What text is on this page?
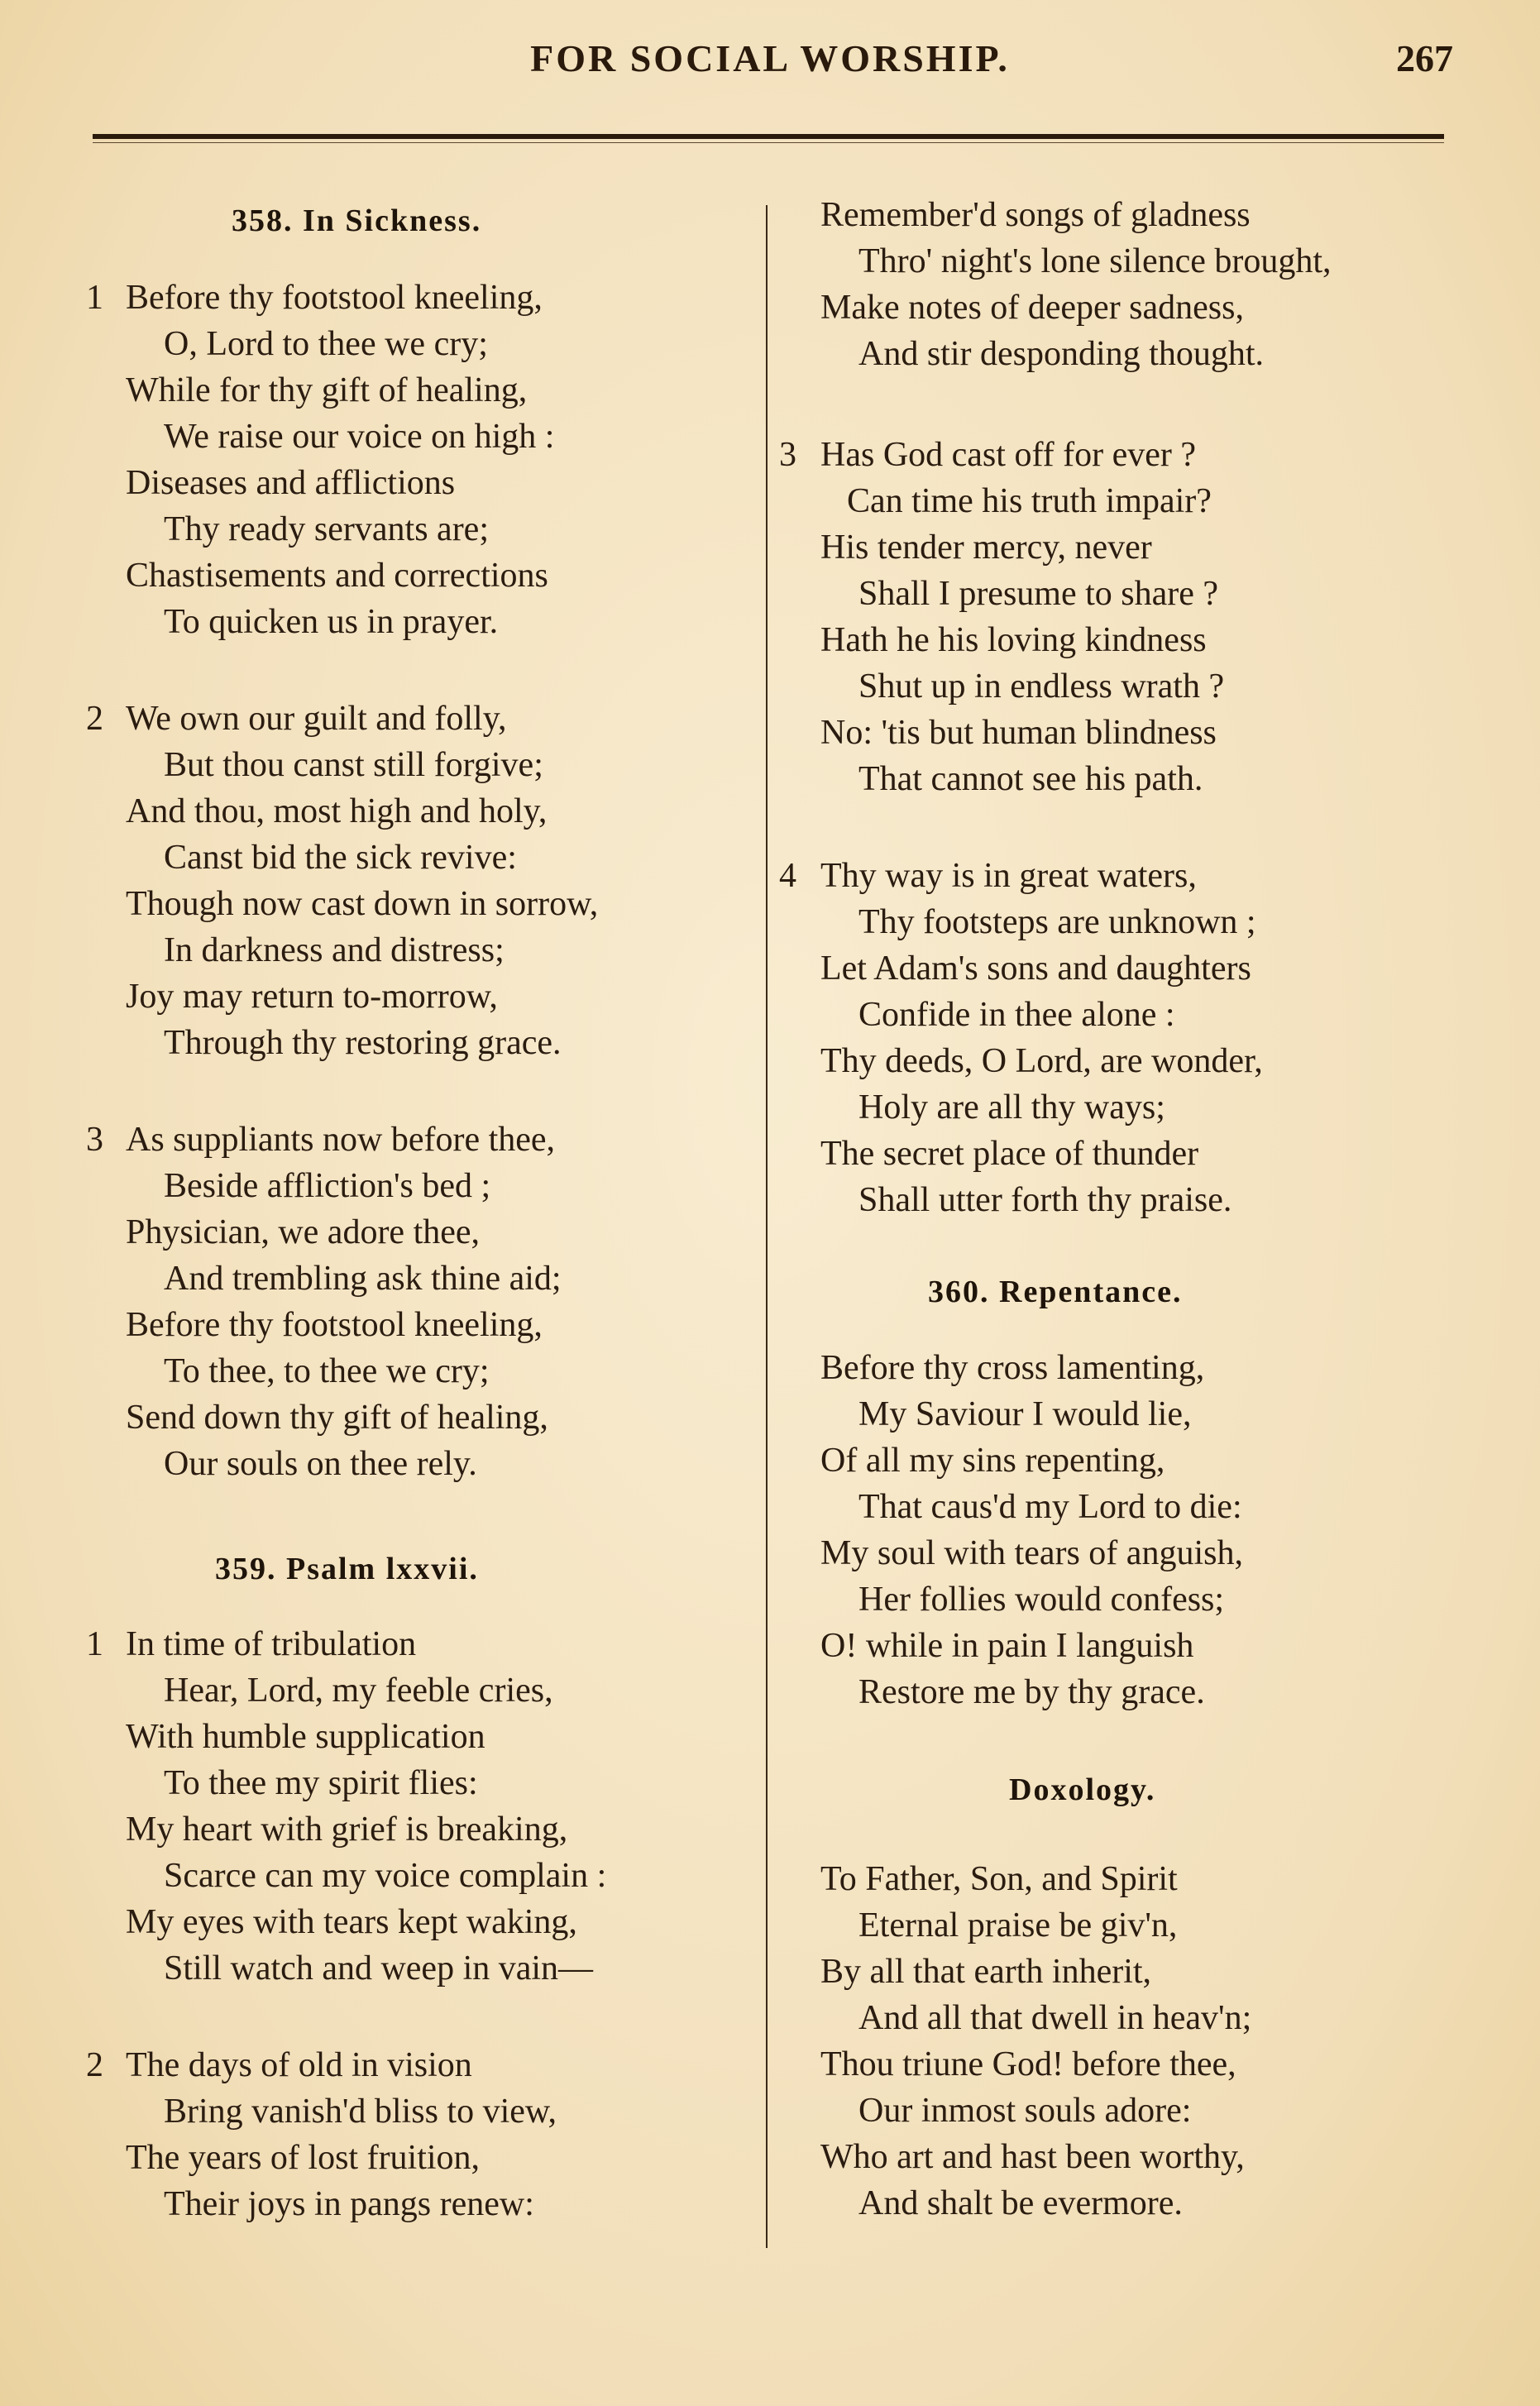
FOR SOCIAL WORSHIP.	267
358. In Sickness.
1 Before thy footstool kneeling,
O, Lord to thee we cry;
While for thy gift of healing,
We raise our voice on high :
Diseases and afflictions
Thy ready servants are;
Chastisements and corrections
To quicken us in prayer.
2 We own our guilt and folly,
But thou canst still forgive;
And thou, most high and holy,
Canst bid the sick revive:
Though now cast down in sorrow,
In darkness and distress;
Joy may return to-morrow,
Through thy restoring grace.
3 As suppliants now before thee,
Beside affliction's bed ;
Physician, we adore thee,
And trembling ask thine aid;
Before thy footstool kneeling,
To thee, to thee we cry;
Send down thy gift of healing,
Our souls on thee rely.
359. Psalm lxxvii.
1 In time of tribulation
Hear, Lord, my feeble cries,
With humble supplication
To thee my spirit flies:
My heart with grief is breaking,
Scarce can my voice complain :
My eyes with tears kept waking,
Still watch and weep in vain—
2 The days of old in vision
Bring vanish'd bliss to view,
The years of lost fruition,
Their joys in pangs renew:
Remember'd songs of gladness
Thro' night's lone silence brought,
Make notes of deeper sadness,
And stir desponding thought.
3 Has God cast off for ever ?
Can time his truth impair?
His tender mercy, never
Shall I presume to share ?
Hath he his loving kindness
Shut up in endless wrath ?
No: 'tis but human blindness
That cannot see his path.
4 Thy way is in great waters,
Thy footsteps are unknown ;
Let Adam's sons and daughters
Confide in thee alone :
Thy deeds, O Lord, are wonder,
Holy are all thy ways;
The secret place of thunder
Shall utter forth thy praise.
360. Repentance.
Before thy cross lamenting,
My Saviour I would lie,
Of all my sins repenting,
That caus'd my Lord to die:
My soul with tears of anguish,
Her follies would confess;
O! while in pain I languish
Restore me by thy grace.
Doxology.
To Father, Son, and Spirit
Eternal praise be giv'n,
By all that earth inherit,
And all that dwell in heav'n;
Thou triune God! before thee,
Our inmost souls adore:
Who art and hast been worthy,
And shalt be evermore.
